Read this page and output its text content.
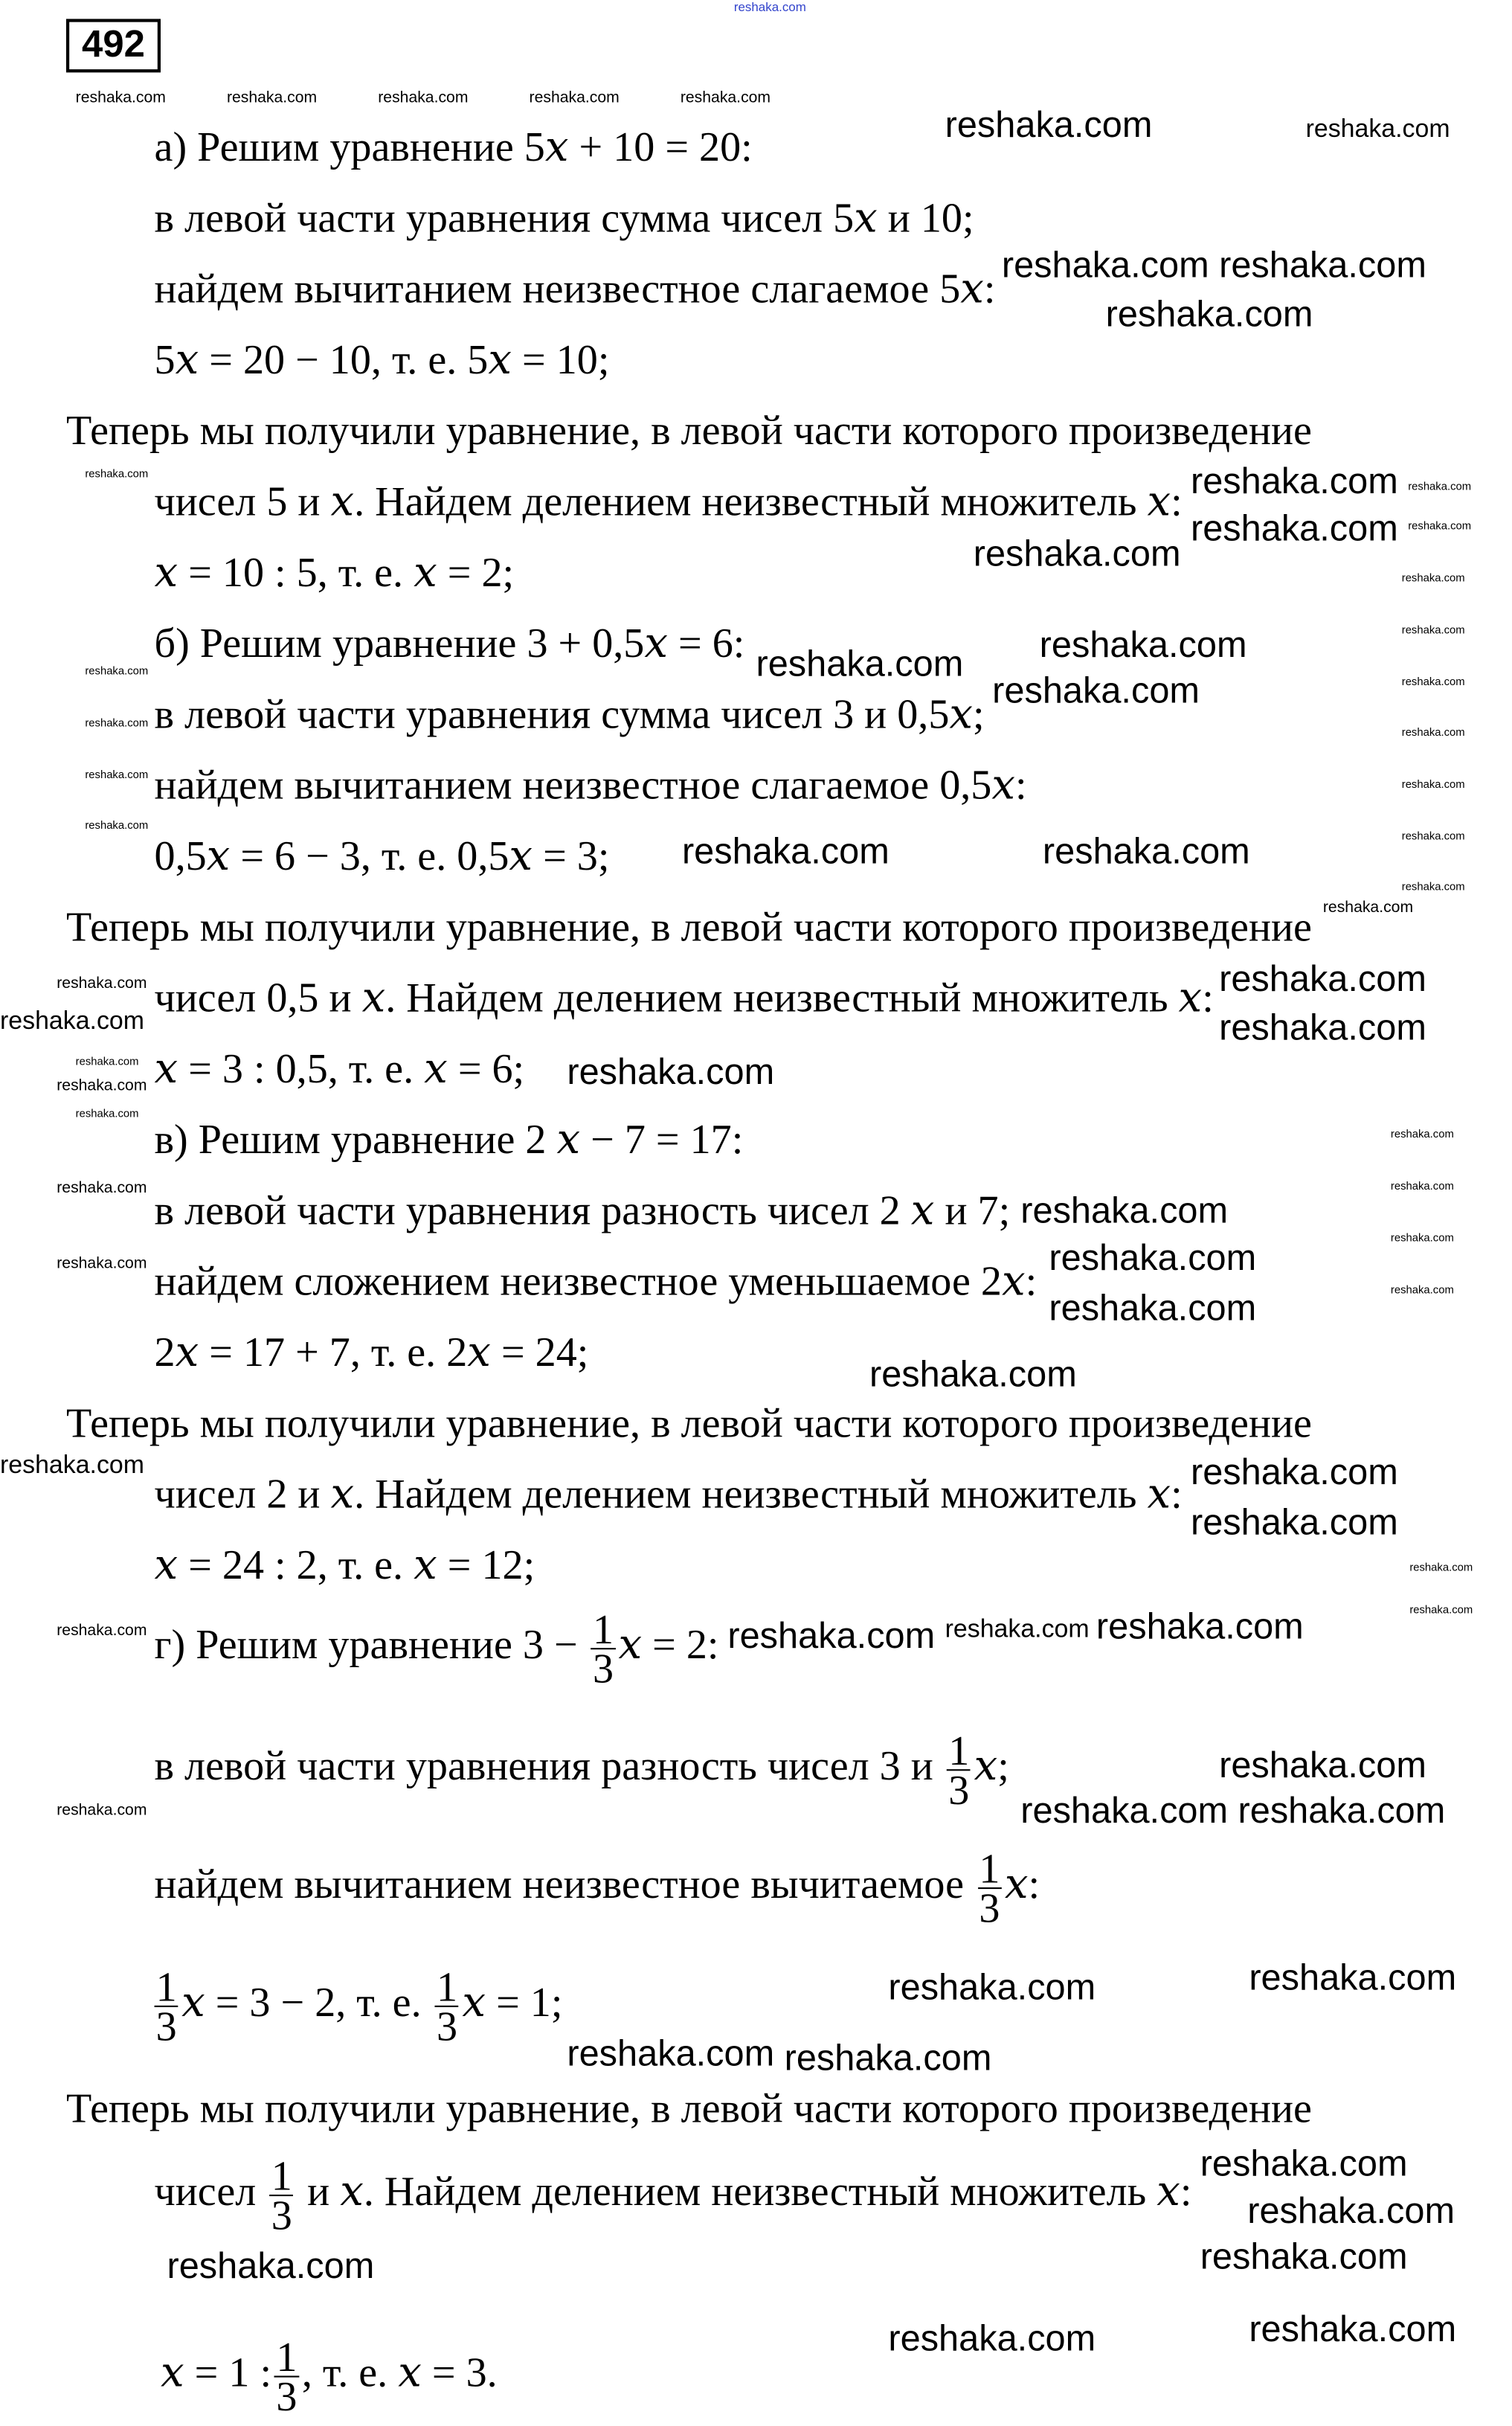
reshaka.com
492
а) Решим уравнение 5𝑥 + 10 = 20:
в левой части уравнения сумма чисел 5𝑥 и 10;
найдем вычитанием неизвестное слагаемое 5𝑥:
5𝑥 = 20 − 10, т. е. 5𝑥 = 10;
Теперь мы получили уравнение, в левой части которого произведение
чисел 5 и 𝑥. Найдем делением неизвестный множитель 𝑥:
𝑥 = 10 : 5, т. е. 𝑥 = 2;
б) Решим уравнение 3 + 0,5𝑥 = 6:
в левой части уравнения сумма чисел 3 и 0,5𝑥;
найдем вычитанием неизвестное слагаемое 0,5𝑥:
0,5𝑥 = 6 − 3, т. е. 0,5𝑥 = 3;
Теперь мы получили уравнение, в левой части которого произведение
чисел 0,5 и 𝑥. Найдем делением неизвестный множитель 𝑥:
𝑥 = 3 : 0,5, т. е. 𝑥 = 6;
в) Решим уравнение 2 𝑥 − 7 = 17:
в левой части уравнения разность чисел 2 𝑥 и 7;
найдем сложением неизвестное уменьшаемое 2𝑥:
2𝑥 = 17 + 7, т. е. 2𝑥 = 24;
Теперь мы получили уравнение, в левой части которого произведение
чисел 2 и 𝑥. Найдем делением неизвестный множитель 𝑥:
𝑥 = 24 : 2, т. е. 𝑥 = 12;
г) Решим уравнение $3 - \frac{1}{3}$ 𝑥 = 2:
в левой части уравнения разность чисел 3 и $\frac{1}{3}$ 𝑥;
найдем вычитанием неизвестное вычитаемое $\frac{1}{3}$ 𝑥:
$\frac{1}{3}$ 𝑥 = 3 − 2, т. е. $\frac{1}{3}$ 𝑥 = 1;
Теперь мы получили уравнение, в левой части которого произведение
чисел $\frac{1}{3}$ и 𝑥. Найдем делением неизвестный множитель 𝑥:
𝑥 = 1 : $\frac{1}{3}$ , т. е. 𝑥 = 3.
reshaka.com	reshaka.com	reshaka.com	reshaka.com	reshaka.com
reshaka.com	reshaka.com
reshaka.com reshaka.com
reshaka.com
reshaka.com
reshaka.com
reshaka.com
reshaka.com
reshaka.com
reshaka.com
reshaka.com
reshaka.com
reshaka.com
reshaka.com
reshaka.com
reshaka.com
reshaka.com
reshaka.com
reshaka.com
reshaka.com
reshaka.com
reshaka.com
reshaka.com	reshaka.com
reshaka.com	reshaka.com
reshaka.com
reshaka.com
reshaka.com
reshaka.com
reshaka.com
reshaka.com
reshaka.com	reshaka.com
reshaka.com
reshaka.com
reshaka.com
reshaka.com
reshaka.com
reshaka.com
reshaka.com
reshaka.com
reshaka.com
reshaka.com
reshaka.com
reshaka.com
reshaka.com
reshaka.com
reshaka.com
reshaka.com
reshaka.com	reshaka.com reshaka.com reshaka.com
reshaka.com
reshaka.com	reshaka.com
reshaka.com
reshaka.com	reshaka.com
reshaka.com reshaka.com
reshaka.com
reshaka.com
reshaka.com
reshaka.com
reshaka.com	reshaka.com
